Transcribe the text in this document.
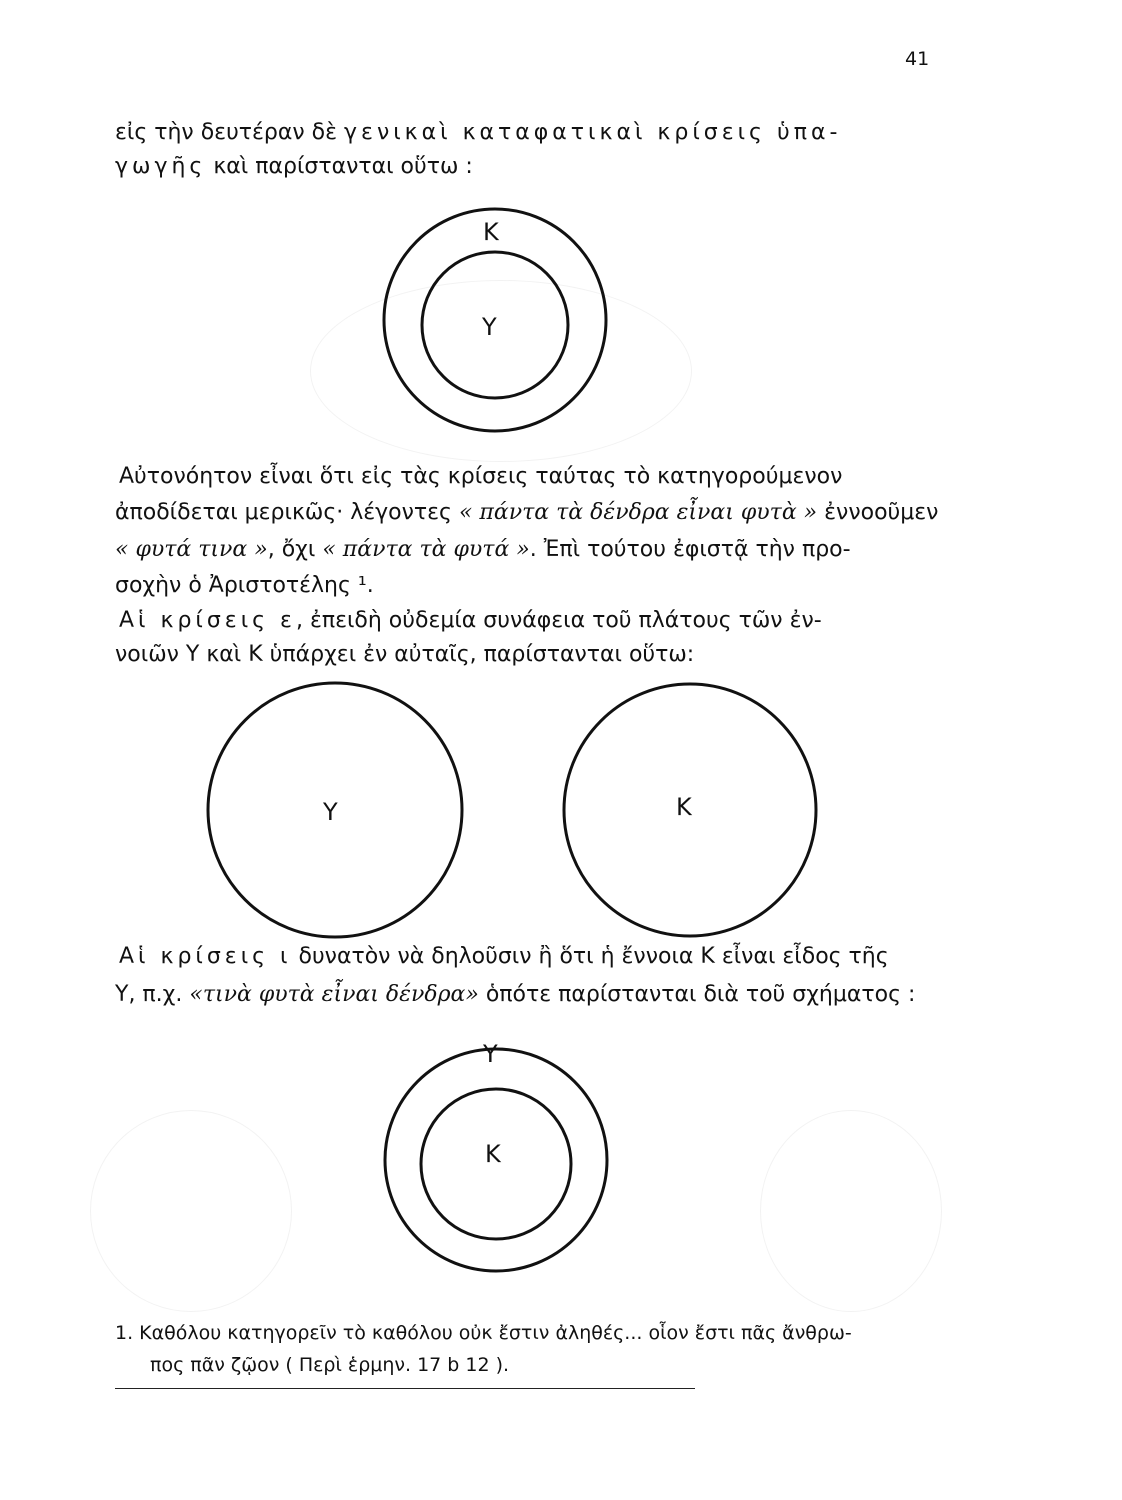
41
εἰς τὴν δευτέραν δὲ γενικαὶ καταφατικαὶ κρίσεις ὑπα-
γωγῆς καὶ παρίστανται οὕτω :
Κ
Υ
Αὐτονόητον εἶναι ὅτι εἰς τὰς κρίσεις ταύτας τὸ κατηγορούμενον
ἀποδίδεται μερικῶς· λέγοντες « πάντα τὰ δένδρα εἶναι φυτὰ » ἐννοοῦμεν
« φυτά τινα », ὄχι « πάντα τὰ φυτά ». Ἐπὶ τούτου ἐφιστᾷ τὴν προ-
σοχὴν ὁ Ἀριστοτέλης ¹.
Αἱ κρίσεις ε, ἐπειδὴ οὐδεμία συνάφεια τοῦ πλάτους τῶν ἐν-
νοιῶν Υ καὶ Κ ὑπάρχει ἐν αὐταῖς, παρίστανται οὕτω:
Υ	Κ
Αἱ κρίσεις ι δυνατὸν νὰ δηλοῦσιν ἢ ὅτι ἡ ἔννοια Κ εἶναι εἶδος τῆς
Υ, π.χ. «τινὰ φυτὰ εἶναι δένδρα» ὁπότε παρίστανται διὰ τοῦ σχήματος :
Υ
Κ
1. Καθόλου κατηγορεῖν τὸ καθόλου οὐκ ἔστιν ἀληθές... οἷον ἔστι πᾶς ἄνθρω-
πος πᾶν ζῷον ( Περὶ ἑρμην. 17 b 12 ).
